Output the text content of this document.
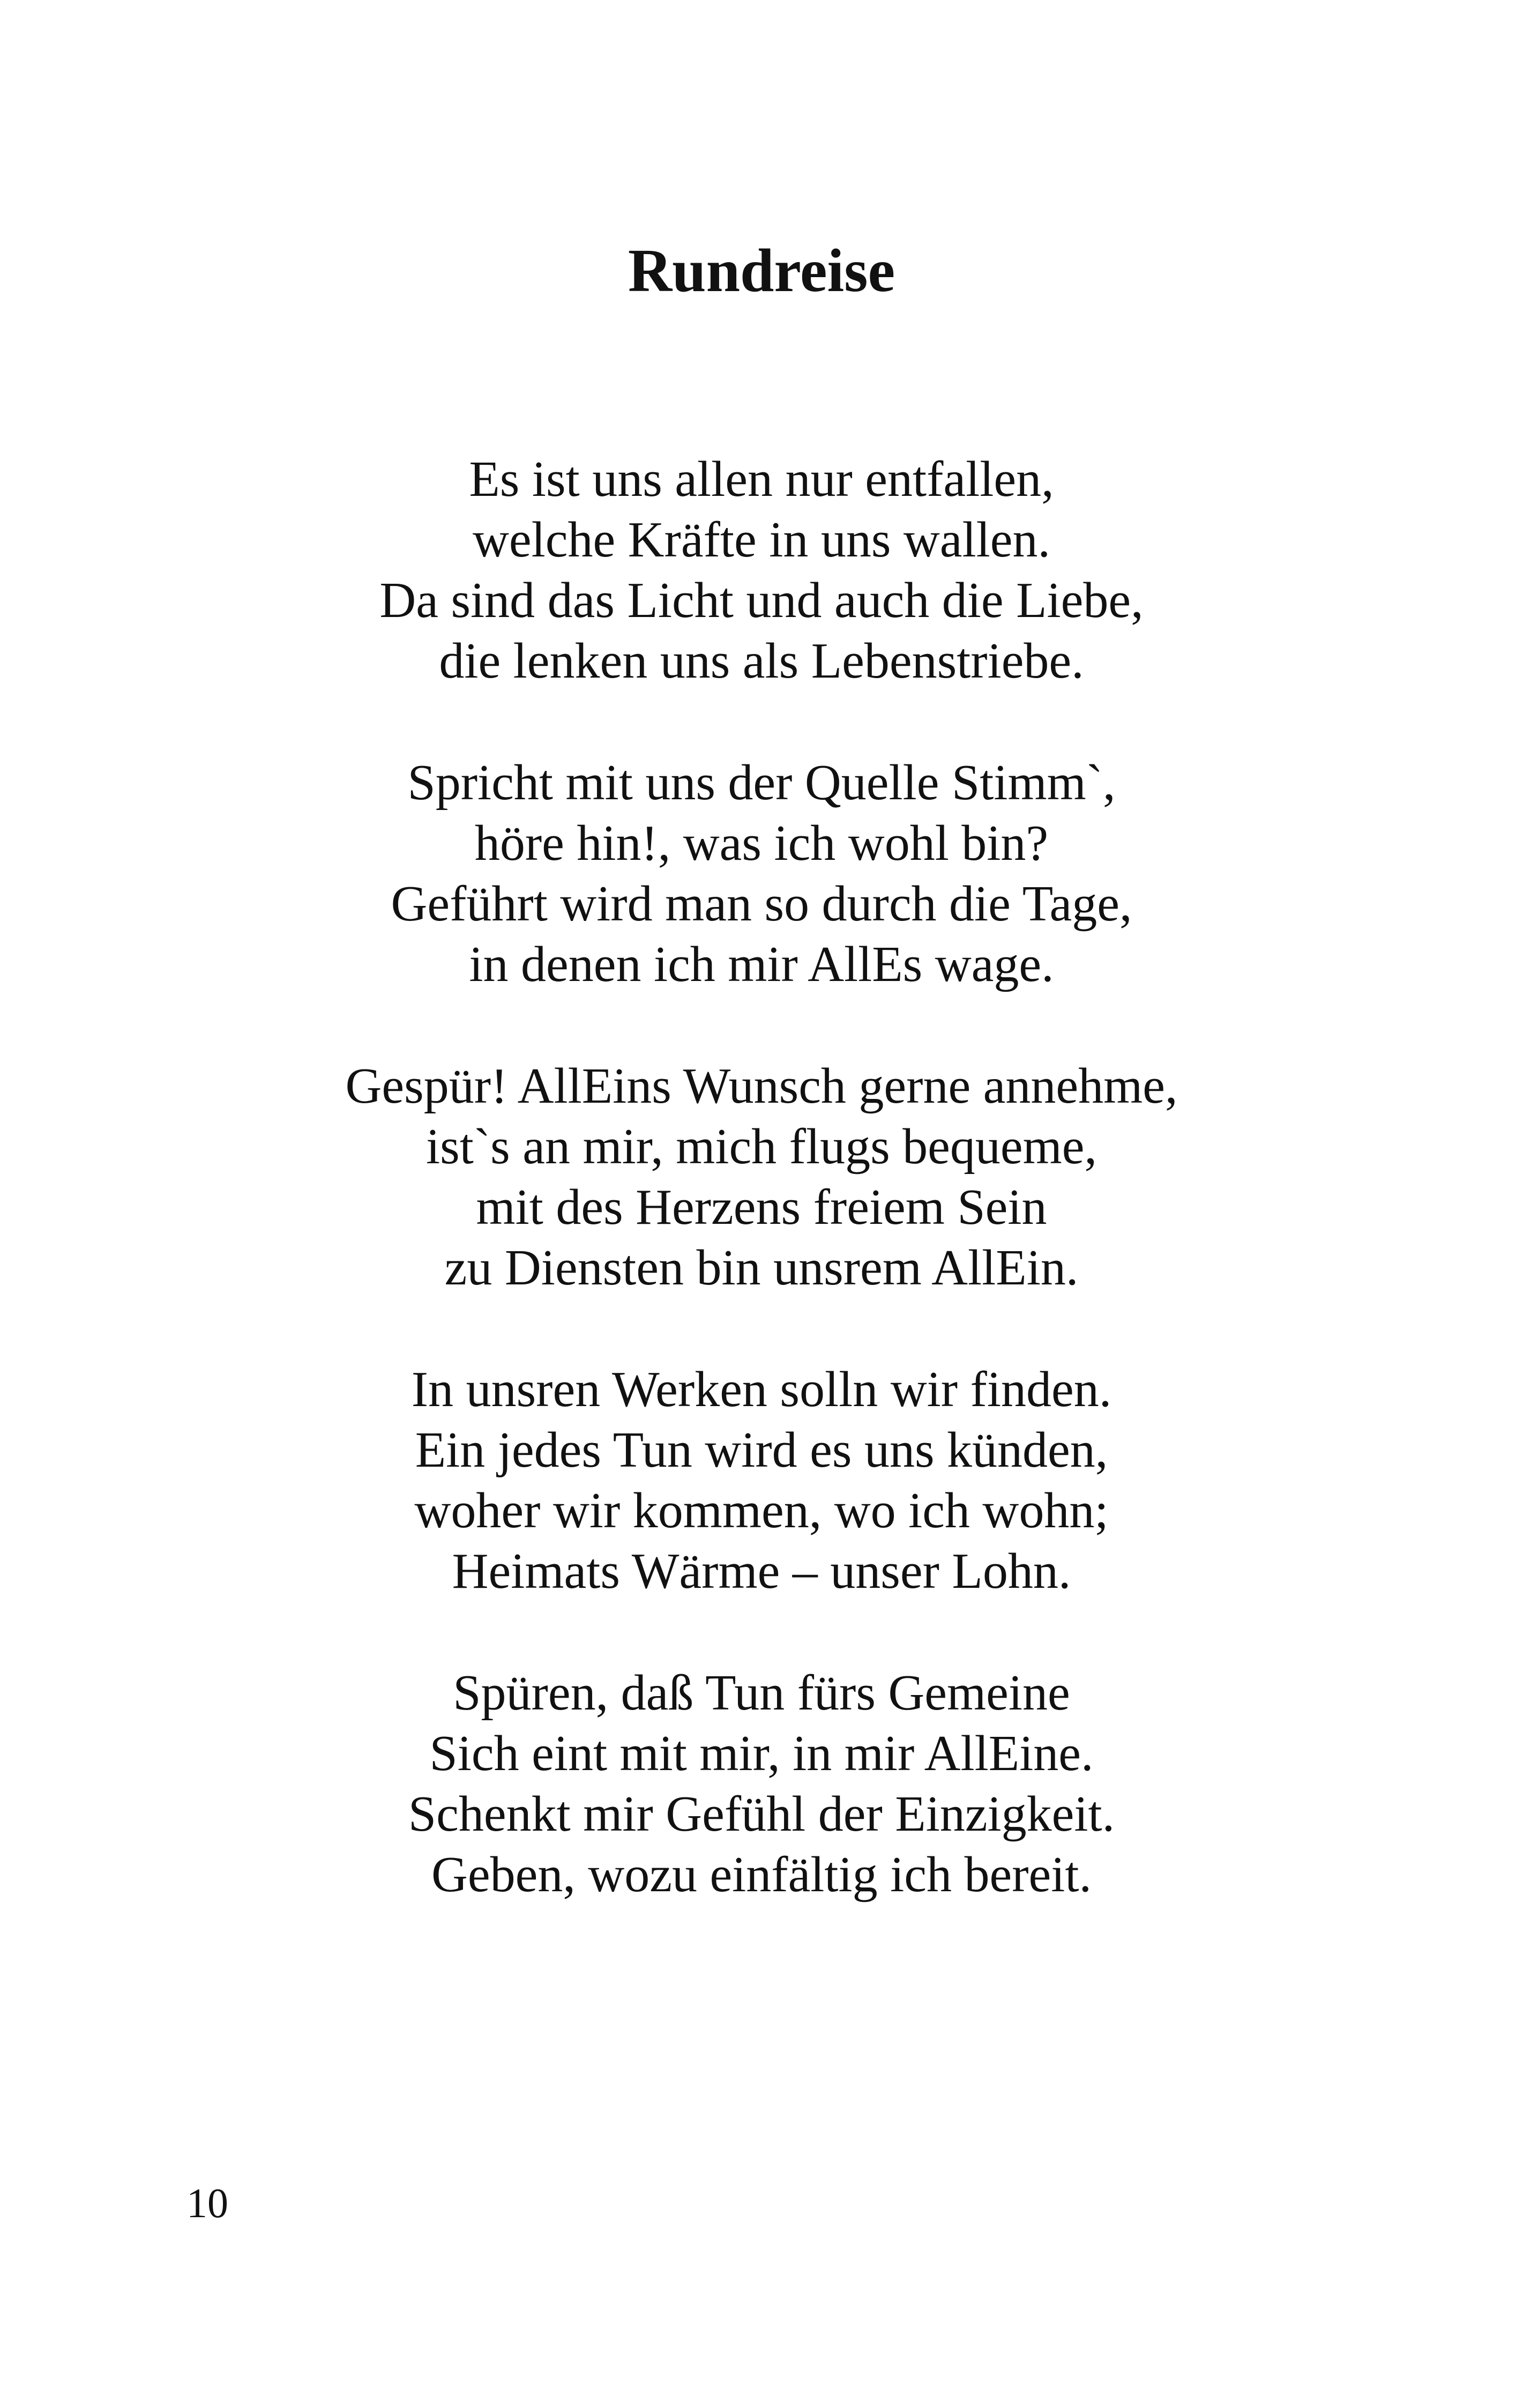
Rundreise

Es ist uns allen nur entfallen,
welche Kräfte in uns wallen.
Da sind das Licht und auch die Liebe,
die lenken uns als Lebenstriebe.

Spricht mit uns der Quelle Stimm`,
höre hin!, was ich wohl bin?
Geführt wird man so durch die Tage,
in denen ich mir AllEs wage.

Gespür! AllEins Wunsch gerne annehme,
ist`s an mir, mich flugs bequeme,
mit des Herzens freiem Sein
zu Diensten bin unsrem AllEin.

In unsren Werken solln wir finden.
Ein jedes Tun wird es uns künden,
woher wir kommen, wo ich wohn;
Heimats Wärme – unser Lohn.

Spüren, daß Tun fürs Gemeine
Sich eint mit mir, in mir AllEine.
Schenkt mir Gefühl der Einzigkeit.
Geben, wozu einfältig ich bereit.

10
